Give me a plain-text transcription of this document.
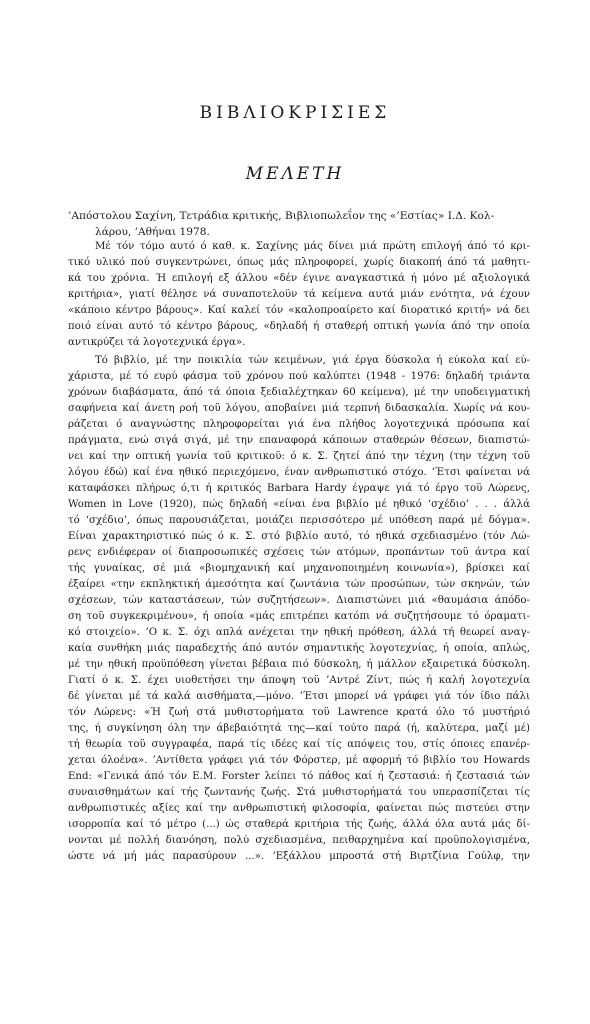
ΒΙΒΛΙΟΚΡΙΣΙΕΣ
ΜΕΛΕΤΗ
’Απόστολου Σαχίνη, Τετράδια κριτικής, Βιβλιοπωλεΐον της «’Εστίας» Ι.Δ. Κολ-
λάρου, ’Αθήναι 1978.
Μέ τόν τόμο αυτό ό καθ. κ. Σαχίνης μάς δίνει μιά πρώτη επιλογή άπό τό κρι-
τικό υλικό πού συγκεντρώνει, όπως μάς πληροφορεί, χωρίς διακοπή άπό τά μαθητι-
κά του χρόνια. Ή επιλογή εξ άλλου «δέν έγινε αναγκαστικά ή μόνο μέ αξιολογικά
κριτήρια», γιατί θέλησε νά συναποτελοϋν τά κείμενα αυτά μιάν ενότητα, νά έχουν
«κάποιο κέντρο βάρους». Καί καλεί τόν «καλοπροαίρετο καί διορατικό κριτή» νά δει
ποιό είναι αυτό τό κέντρο βάρους, «δηλαδή ή σταθερή οπτική γωνία άπό την οποία
αντικρύζει τά λογοτεχνικά έργα».
Τό βιβλίο, μέ την ποικιλία τών κειμένων, γιά έργα δύσκολα ή εύκολα καί εύ-
χάριστα, μέ τό ευρύ φάσμα τοϋ χρόνου πού καλύπτει (1948 - 1976: δηλαδή τριάντα
χρόνων διαβάσματα, άπό τά όποια ξεδιαλέχτηκαν 60 κείμενα), μέ την υποδειγματική
σαφήνεια καί άνετη ροή τοϋ λόγου, αποβαίνει μιά τερπνή διδασκαλία. Χωρίς νά κου-
ράζεται ό αναγνώστης πληροφορείται γιά ένα πλήθος λογοτεχνικά πρόσωπα καί
πράγματα, ενώ σιγά σιγά, μέ την επαναφορά κάποιων σταθερών θέσεων, διαπιστώ-
νει καί την οπτική γωνία τοϋ κριτικοϋ: ό κ. Σ. ζητεί άπό την τέχνη (την τέχνη τοϋ
λόγου έδώ) καί ένα ηθικό περιεχόμενο, έναν ανθρωπιστικό στόχο. ’Έτσι φαίνεται νά
καταφάσκει πλήρως ό,τι ή κριτικός Barbara Hardy έγραψε γιά τό έργο τοϋ Λώρενς,
Women in Love (1920), πώς δηλαδή «είναι ένα βιβλίο μέ ηθικό ‘σχέδιο’ . . . άλλά
τό ‘σχέδιο’, όπως παρουσιάζεται, μοιάζει περισσότερο μέ υπόθεση παρά μέ δόγμα».
Είναι χαρακτηριστικό πώς ό κ. Σ. στό βιβλίο αυτό, τό ηθικά σχεδιασμένο (τόν Λώ-
ρενς ενδιέφεραν οί διαπροσωπικές σχέσεις τών ατόμων, προπάντων τοϋ άντρα καί
τής γυναίκας, σέ μιά «βιομηχανική καί μηχανοποιημένη κοινωνία»), βρίσκει καί
έξαίρει «την εκπληκτική άμεσότητα καί ζωντάνια τών προσώπων, τών σκηνών, τών
σχέσεων, τών καταστάσεων, τών συζητήσεων». Διαπιστώνει μιά «θαυμάσια άπόδο-
ση τοϋ συγκεκριμένου», ή οποία «μάς επιτρέπει κατόπι νά συζητήσουμε τό όραματι-
κό στοιχείο». ’Ο κ. Σ. όχι απλά ανέχεται την ηθική πρόθεση, άλλά τή θεωρεί αναγ-
καία συνθήκη μιάς παραδεχτής άπό αυτόν σημαντικής λογοτεχνίας, ή οποία, απλώς,
μέ την ηθική προϋπόθεση γίνεται βέβαια πιό δύσκολη, ή μάλλον εξαιρετικά δύσκολη.
Γιατί ό κ. Σ. έχει υιοθετήσει την άποψη τοϋ ’Αντρέ Ζίντ, πώς ή καλή λογοτεχνία
δέ γίνεται μέ τά καλά αισθήματα,—μόνο. ’Έτσι μπορεί νά γράφει γιά τόν ίδιο πάλι
τόν Λώρενς: «Ή ζωή στά μυθιστορήματα τοϋ Lawrence κρατά όλο τό μυστήριό
της, ή συγκίνηση όλη την άβεβαιότητά της—καί τούτο παρά (ή, καλύτερα, μαζί μέ)
τή θεωρία τοϋ συγγραφέα, παρά τίς ιδέες καί τίς απόψεις του, στίς όποιες επανέρ-
χεται όλοένα». ’Αντίθετα γράφει γιά τόν Φόρστερ, μέ αφορμή τό βιβλίο του Howards
End: «Γενικά άπό τόν E.M. Forster λείπει τό πάθος καί ή ζεστασιά: ή ζεστασιά τών
συναισθημάτων καί τής ζωντανής ζωής. Στά μυθιστορήματά του υπερασπίζεται τίς
ανθρωπιστικές αξίες καί την ανθρωπιστική φιλοσοφία, φαίνεται πώς πιστεύει στην
ισορροπία καί τό μέτρο (...) ώς σταθερά κριτήρια τής ζωής, άλλά όλα αυτά μάς δί-
νονται μέ πολλή διανόηση, πολύ σχεδιασμένα, πειθαρχημένα καί προϋπολογισμένα,
ώστε νά μή μάς παρασύρουν ...». ’Εξάλλου μπροστά στή Βιρτζίνια Γούλφ, την
